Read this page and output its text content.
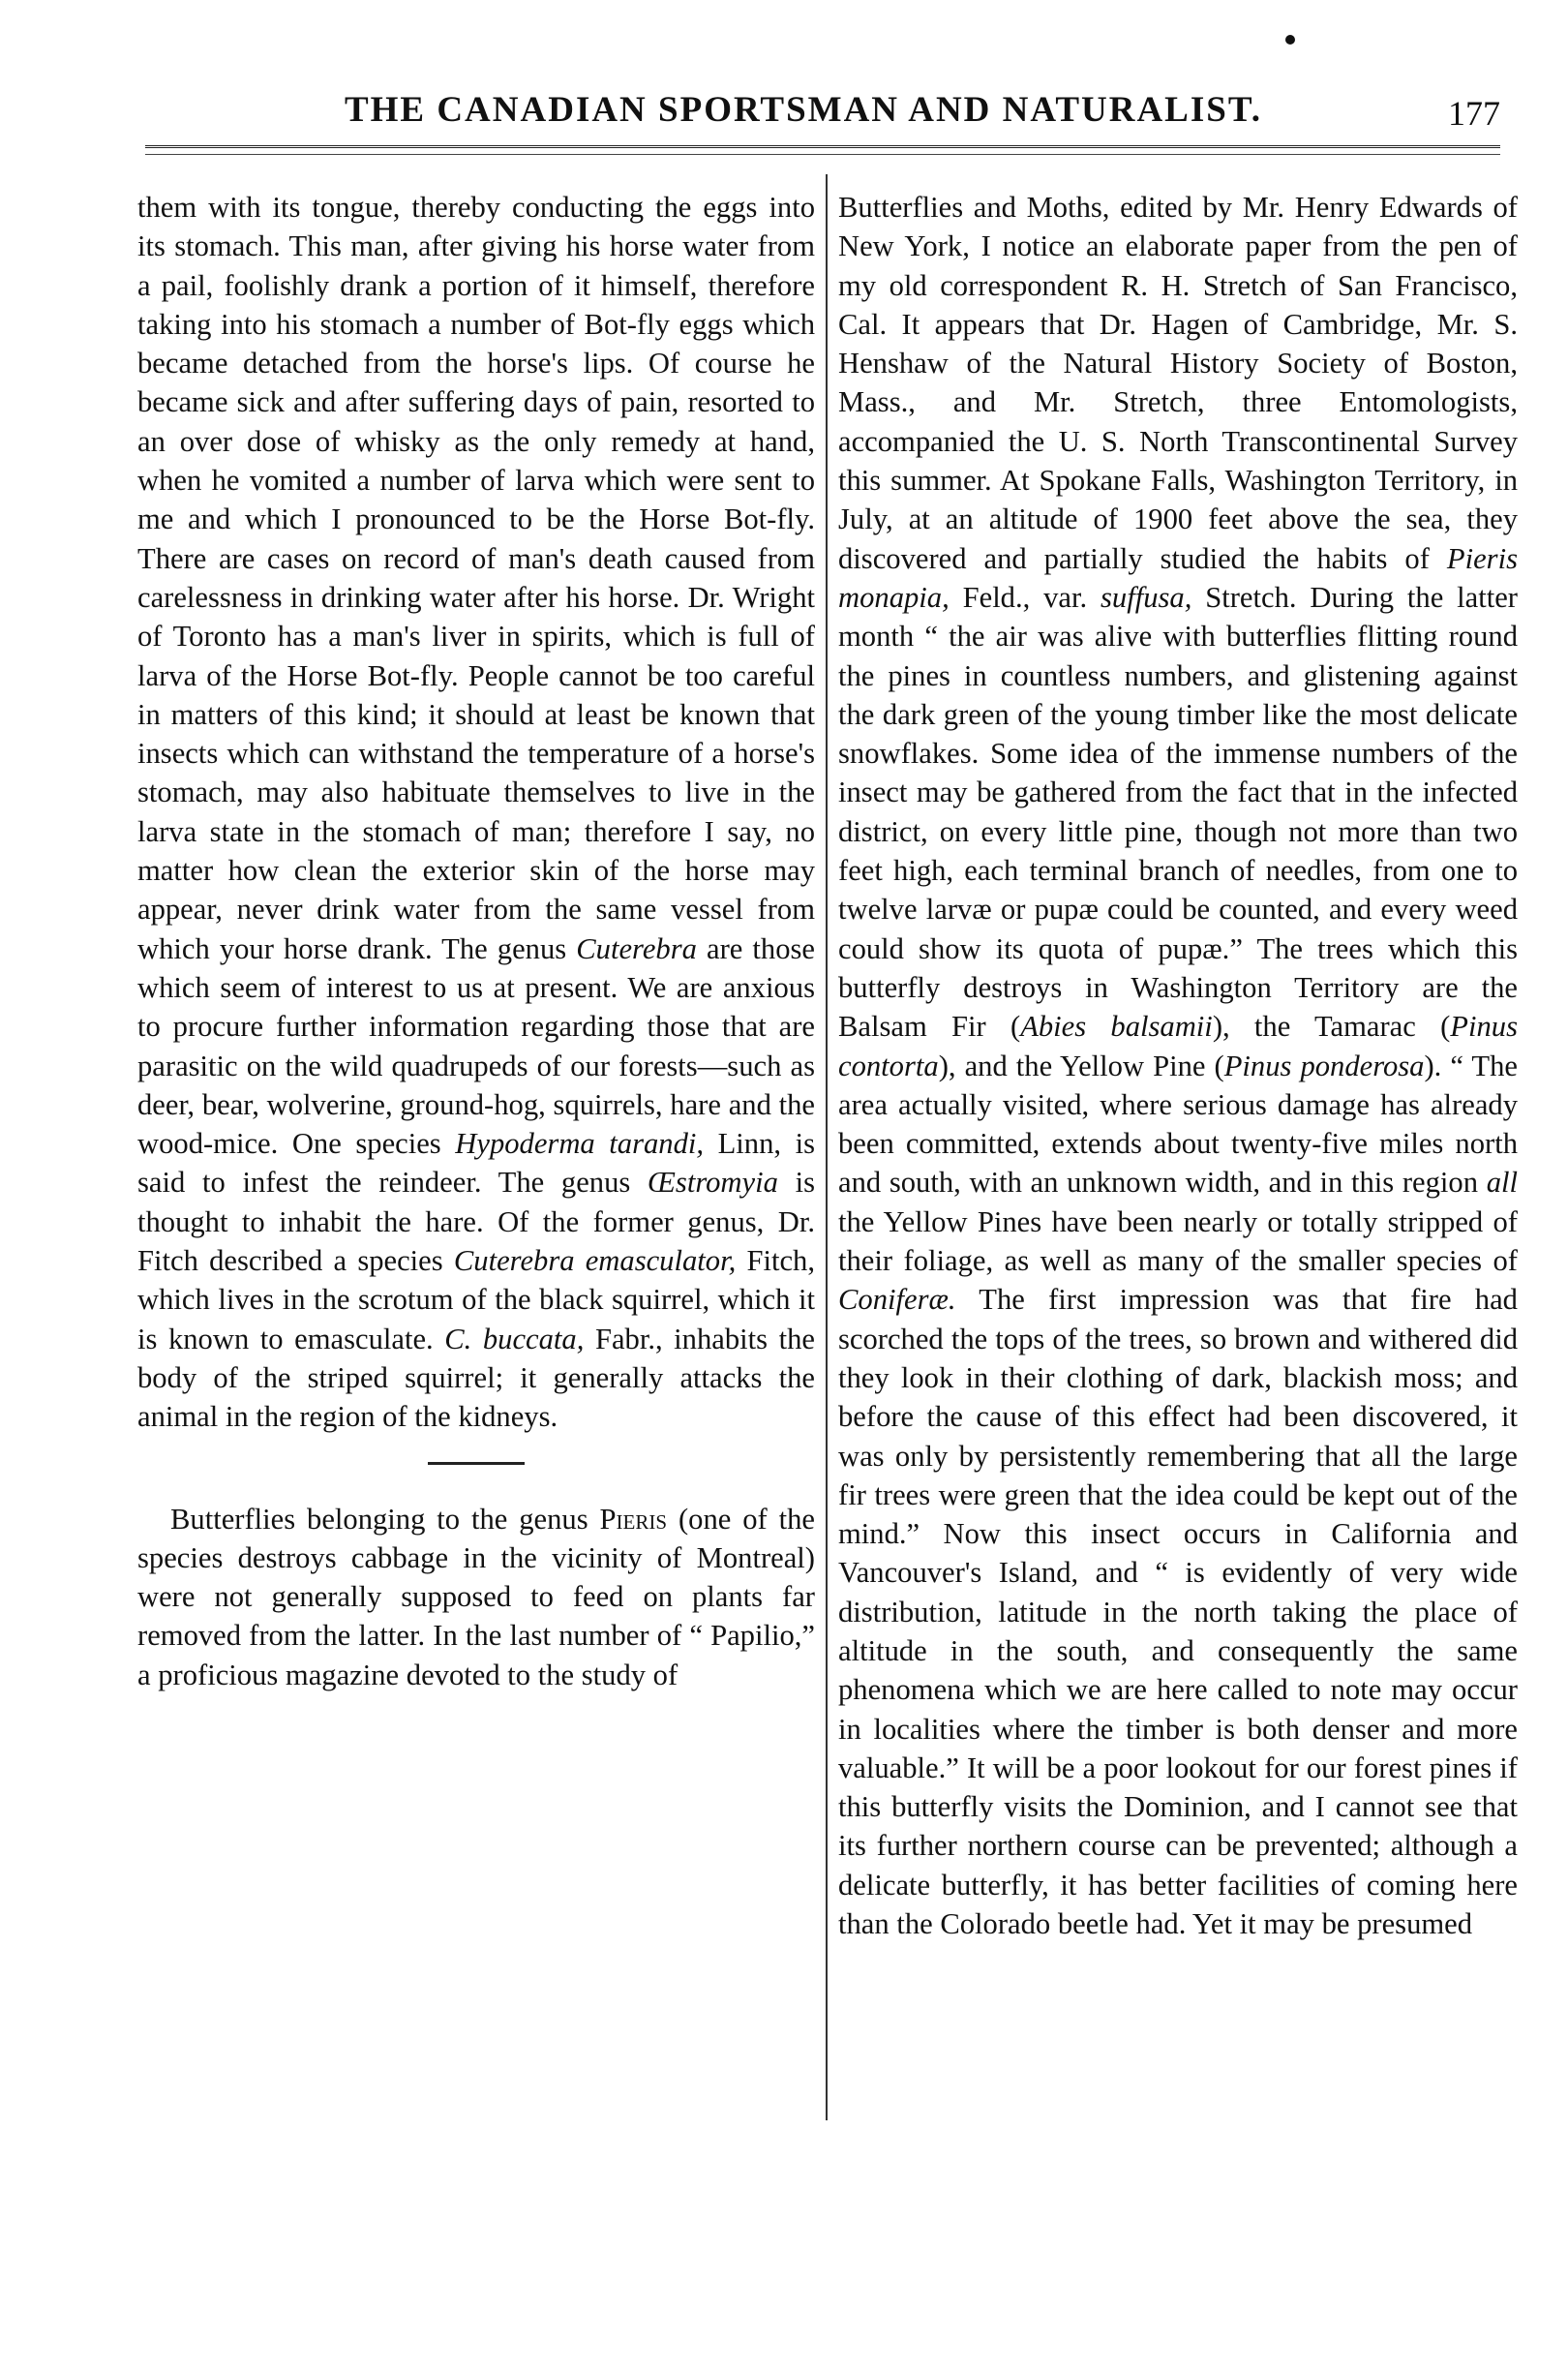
THE CANADIAN SPORTSMAN AND NATURALIST.	177

them with its tongue, thereby conducting the eggs into its stomach. This man, after giving his horse water from a pail, foolishly drank a portion of it himself, therefore taking into his stomach a number of Bot-fly eggs which became detached from the horse's lips. Of course he became sick and after suffering days of pain, resorted to an over dose of whisky as the only remedy at hand, when he vomited a number of larva which were sent to me and which I pronounced to be the Horse Bot-fly. There are cases on record of man's death caused from carelessness in drinking water after his horse. Dr. Wright of Toronto has a man's liver in spirits, which is full of larva of the Horse Bot-fly. People cannot be too careful in matters of this kind; it should at least be known that insects which can withstand the temperature of a horse's stomach, may also habituate themselves to live in the larva state in the stomach of man; therefore I say, no matter how clean the exterior skin of the horse may appear, never drink water from the same vessel from which your horse drank. The genus Cuterebra are those which seem of interest to us at present. We are anxious to procure further information regarding those that are parasitic on the wild quadrupeds of our forests—such as deer, bear, wolverine, ground-hog, squirrels, hare and the wood-mice. One species Hypoderma tarandi, Linn, is said to infest the reindeer. The genus Œstromyia is thought to inhabit the hare. Of the former genus, Dr. Fitch described a species Cuterebra emasculator, Fitch, which lives in the scrotum of the black squirrel, which it is known to emasculate. C. buccata, Fabr., inhabits the body of the striped squirrel; it generally attacks the animal in the region of the kidneys.

Butterflies belonging to the genus Pieris (one of the species destroys cabbage in the vicinity of Montreal) were not generally supposed to feed on plants far removed from the latter. In the last number of “ Papilio,” a proficious magazine devoted to the study of

Butterflies and Moths, edited by Mr. Henry Edwards of New York, I notice an elaborate paper from the pen of my old correspondent R. H. Stretch of San Francisco, Cal. It appears that Dr. Hagen of Cambridge, Mr. S. Henshaw of the Natural History Society of Boston, Mass., and Mr. Stretch, three Entomologists, accompanied the U. S. North Transcontinental Survey this summer. At Spokane Falls, Washington Territory, in July, at an altitude of 1900 feet above the sea, they discovered and partially studied the habits of Pieris monapia, Feld., var. suffusa, Stretch. During the latter month “ the air was alive with butterflies flitting round the pines in countless numbers, and glistening against the dark green of the young timber like the most delicate snowflakes. Some idea of the immense numbers of the insect may be gathered from the fact that in the infected district, on every little pine, though not more than two feet high, each terminal branch of needles, from one to twelve larvæ or pupæ could be counted, and every weed could show its quota of pupæ.” The trees which this butterfly destroys in Washington Territory are the Balsam Fir (Abies balsamii), the Tamarac (Pinus contorta), and the Yellow Pine (Pinus ponderosa). “ The area actually visited, where serious damage has already been committed, extends about twenty-five miles north and south, with an unknown width, and in this region all the Yellow Pines have been nearly or totally stripped of their foliage, as well as many of the smaller species of Coniferæ. The first impression was that fire had scorched the tops of the trees, so brown and withered did they look in their clothing of dark, blackish moss; and before the cause of this effect had been discovered, it was only by persistently remembering that all the large fir trees were green that the idea could be kept out of the mind.” Now this insect occurs in California and Vancouver's Island, and “ is evidently of very wide distribution, latitude in the north taking the place of altitude in the south, and consequently the same phenomena which we are here called to note may occur in localities where the timber is both denser and more valuable.” It will be a poor lookout for our forest pines if this butterfly visits the Dominion, and I cannot see that its further northern course can be prevented; although a delicate butterfly, it has better facilities of coming here than the Colorado beetle had. Yet it may be presumed
